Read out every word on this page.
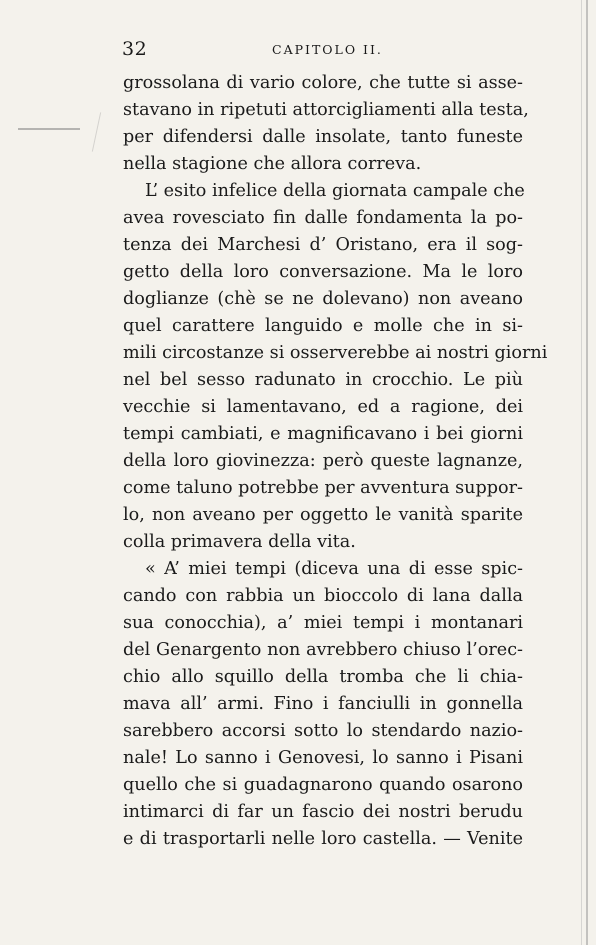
32	CAPITOLO II.
grossolana di vario colore, che tutte si asse-
stavano in ripetuti attorcigliamenti alla testa,
per difendersi dalle insolate, tanto funeste
nella stagione che allora correva.
L’ esito infelice della giornata campale che
avea rovesciato fin dalle fondamenta la po-
tenza dei Marchesi d’ Oristano, era il sog-
getto della loro conversazione. Ma le loro
doglianze (chè se ne dolevano) non aveano
quel carattere languido e molle che in si-
mili circostanze si osserverebbe ai nostri giorni
nel bel sesso radunato in crocchio. Le più
vecchie si lamentavano, ed a ragione, dei
tempi cambiati, e magnificavano i bei giorni
della loro giovinezza: però queste lagnanze,
come taluno potrebbe per avventura suppor-
lo, non aveano per oggetto le vanità sparite
colla primavera della vita.
« A’ miei tempi (diceva una di esse spic-
cando con rabbia un bioccolo di lana dalla
sua conocchia), a’ miei tempi i montanari
del Genargento non avrebbero chiuso l’orec-
chio allo squillo della tromba che li chia-
mava all’ armi. Fino i fanciulli in gonnella
sarebbero accorsi sotto lo stendardo nazio-
nale! Lo sanno i Genovesi, lo sanno i Pisani
quello che si guadagnarono quando osarono
intimarci di far un fascio dei nostri berudu
e di trasportarli nelle loro castella. — Venite
